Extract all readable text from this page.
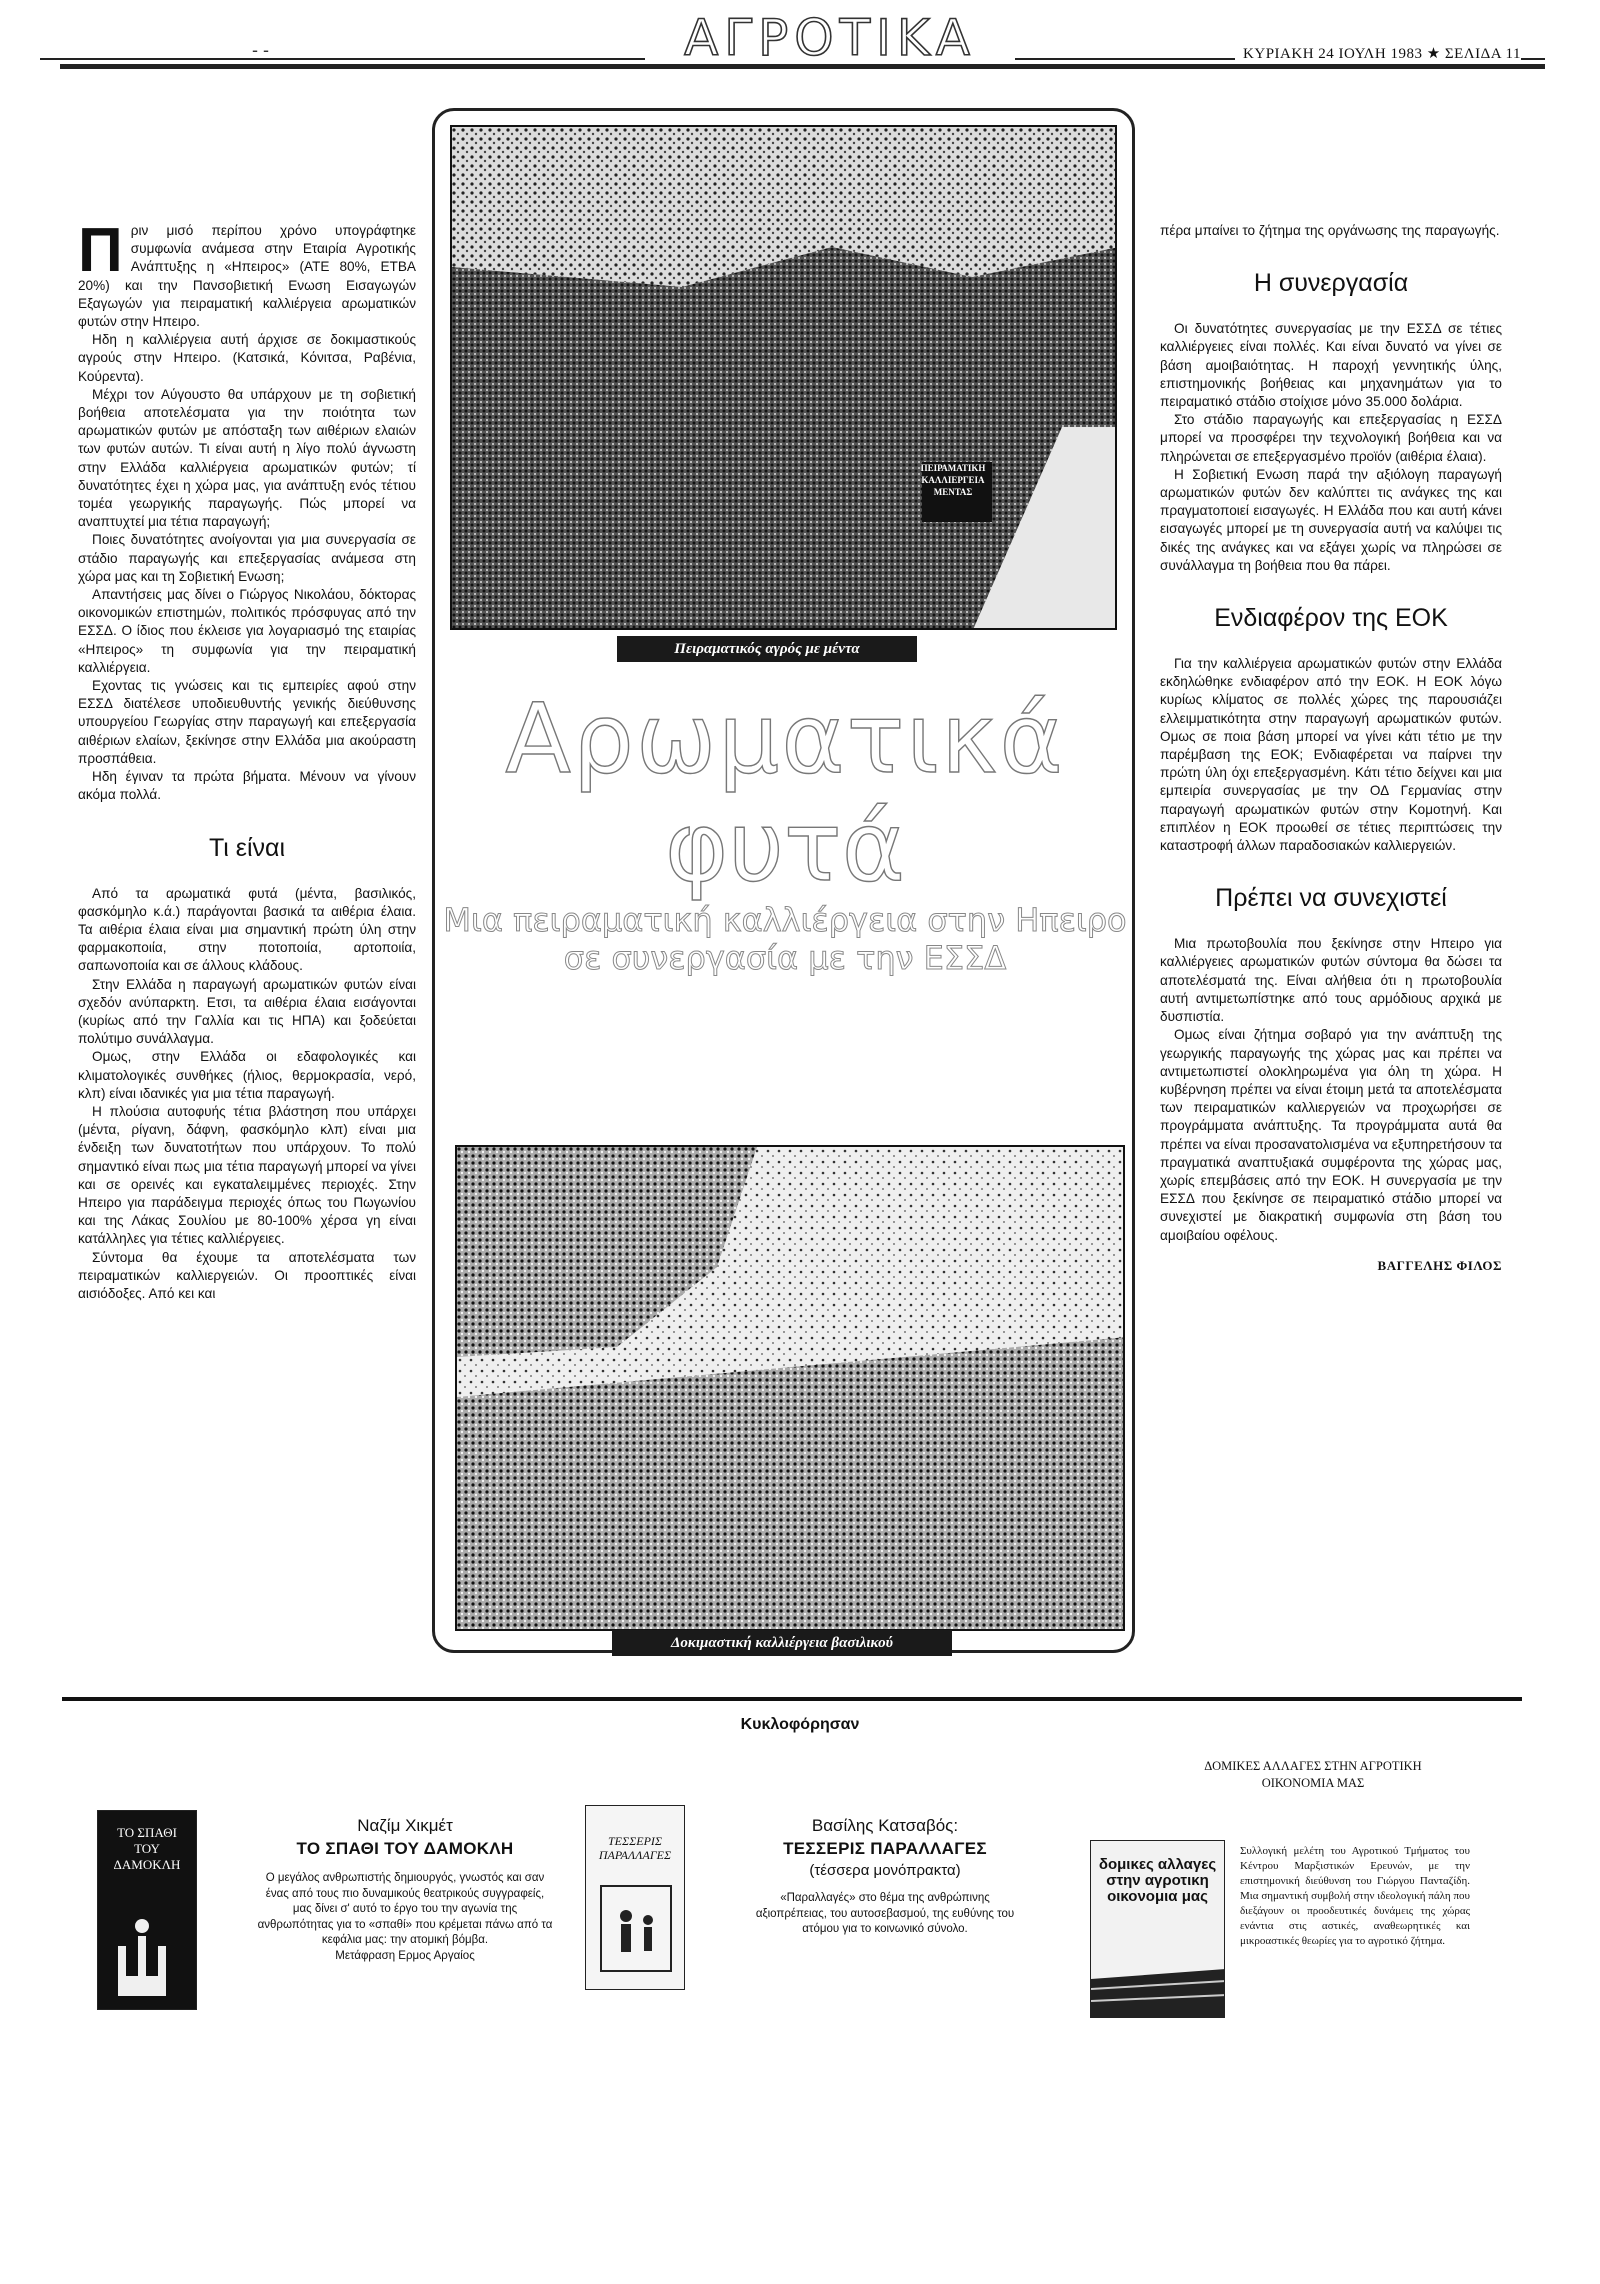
- -	ΑΓΡΟΤΙΚΑ	ΚΥΡΙΑΚΗ 24 ΙΟΥΛΗ 1983 ★ ΣΕΛΙΔΑ 11

Πριν μισό περίπου χρόνο υπογράφτηκε συμφωνία ανάμεσα στην Εταιρία Αγροτικής Ανάπτυξης η «Ηπειρος» (ΑΤΕ 80%, ΕΤΒΑ 20%) και την Πανσοβιετική Ενωση Εισαγωγών Εξαγωγών για πειραματική καλλιέργεια αρωματικών φυτών στην Ηπειρο.

Ηδη η καλλιέργεια αυτή άρχισε σε δοκιμαστικούς αγρούς στην Ηπειρο. (Κατσικά, Κόνιτσα, Ραβένια, Κούρεντα).

Μέχρι τον Αύγουστο θα υπάρχουν με τη σοβιετική βοήθεια αποτελέσματα για την ποιότητα των αρωματικών φυτών με απόσταξη των αιθέριων ελαιών των φυτών αυτών. Τι είναι αυτή η λίγο πολύ άγνωστη στην Ελλάδα καλλιέργεια αρωματικών φυτών; τί δυνατότητες έχει η χώρα μας, για ανάπτυξη ενός τέτιου τομέα γεωργικής παραγωγής. Πώς μπορεί να αναπτυχτεί μια τέτια παραγωγή;

Ποιες δυνατότητες ανοίγονται για μια συνεργασία σε στάδιο παραγωγής και επεξεργασίας ανάμεσα στη χώρα μας και τη Σοβιετική Ενωση;

Απαντήσεις μας δίνει ο Γιώργος Νικολάου, δόκτορας οικονομικών επιστημών, πολιτικός πρόσφυγας από την ΕΣΣΔ. Ο ίδιος που έκλεισε για λογαριασμό της εταιρίας «Ηπειρος» τη συμφωνία για την πειραματική καλλιέργεια.

Εχοντας τις γνώσεις και τις εμπειρίες αφού στην ΕΣΣΔ διατέλεσε υποδιευθυντής γενικής διεύθυνσης υπουργείου Γεωργίας στην παραγωγή και επεξεργασία αιθέριων ελαίων, ξεκίνησε στην Ελλάδα μια ακούραστη προσπάθεια.

Ηδη έγιναν τα πρώτα βήματα. Μένουν να γίνουν ακόμα πολλά.

Τι είναι

Από τα αρωματικά φυτά (μέντα, βασιλικός, φασκόμηλο κ.ά.) παράγονται βασικά τα αιθέρια έλαια. Τα αιθέρια έλαια είναι μια σημαντική πρώτη ύλη στην φαρμακοποιία, στην ποτοποιία, αρτοποιία, σαπωνοποιία και σε άλλους κλάδους.

Στην Ελλάδα η παραγωγή αρωματικών φυτών είναι σχεδόν ανύπαρκτη. Ετσι, τα αιθέρια έλαια εισάγονται (κυρίως από την Γαλλία και τις ΗΠΑ) και ξοδεύεται πολύτιμο συνάλλαγμα.

Ομως, στην Ελλάδα οι εδαφολογικές και κλιματολογικές συνθήκες (ήλιος, θερμοκρασία, νερό, κλπ) είναι ιδανικές για μια τέτια παραγωγή.

Η πλούσια αυτοφυής τέτια βλάστηση που υπάρχει (μέντα, ρίγανη, δάφνη, φασκόμηλο κλπ) είναι μια ένδειξη των δυνατοτήτων που υπάρχουν. Το πολύ σημαντικό είναι πως μια τέτια παραγωγή μπορεί να γίνει και σε ορεινές και εγκαταλειμμένες περιοχές. Στην Ηπειρο για παράδειγμα περιοχές όπως του Πωγωνίου και της Λάκας Σουλίου με 80-100% χέρσα γη είναι κατάλληλες για τέτιες καλλιέργειες.

Σύντομα θα έχουμε τα αποτελέσματα των πειραματικών καλλιεργειών. Οι προοπτικές είναι αισιόδοξες. Από κει και

ΠΕΙΡΑΜΑΤΙΚΗ ΚΑΛΛΙΕΡΓΕΙΑ ΜΕΝΤΑΣ
Πειραματικός αγρός με μέντα
Αρωματικά
φυτά
Μια πειραματική καλλιέργεια στην Ηπειρο σε συνεργασία με την ΕΣΣΔ
Δοκιμαστική καλλιέργεια βασιλικού

πέρα μπαίνει το ζήτημα της οργάνωσης της παραγωγής.

Η συνεργασία

Οι δυνατότητες συνεργασίας με την ΕΣΣΔ σε τέτιες καλλιέργειες είναι πολλές. Και είναι δυνατό να γίνει σε βάση αμοιβαιότητας. Η παροχή γεννητικής ύλης, επιστημονικής βοήθειας και μηχανημάτων για το πειραματικό στάδιο στοίχισε μόνο 35.000 δολάρια.

Στο στάδιο παραγωγής και επεξεργασίας η ΕΣΣΔ μπορεί να προσφέρει την τεχνολογική βοήθεια και να πληρώνεται σε επεξεργασμένο προϊόν (αιθέρια έλαια).

Η Σοβιετική Ενωση παρά την αξιόλογη παραγωγή αρωματικών φυτών δεν καλύπτει τις ανάγκες της και πραγματοποιεί εισαγωγές. Η Ελλάδα που και αυτή κάνει εισαγωγές μπορεί με τη συνεργασία αυτή να καλύψει τις δικές της ανάγκες και να εξάγει χωρίς να πληρώσει σε συνάλλαγμα τη βοήθεια που θα πάρει.

Ενδιαφέρον της ΕΟΚ

Για την καλλιέργεια αρωματικών φυτών στην Ελλάδα εκδηλώθηκε ενδιαφέρον από την ΕΟΚ. Η ΕΟΚ λόγω κυρίως κλίματος σε πολλές χώρες της παρουσιάζει ελλειμματικότητα στην παραγωγή αρωματικών φυτών. Ομως σε ποια βάση μπορεί να γίνει κάτι τέτιο με την παρέμβαση της ΕΟΚ; Ενδιαφέρεται να παίρνει την πρώτη ύλη όχι επεξεργασμένη. Κάτι τέτιο δείχνει και μια εμπειρία συνεργασίας με την ΟΔ Γερμανίας στην παραγωγή αρωματικών φυτών στην Κομοτηνή. Και επιπλέον η ΕΟΚ προωθεί σε τέτιες περιπτώσεις την καταστροφή άλλων παραδοσιακών καλλιεργειών.

Πρέπει να συνεχιστεί

Μια πρωτοβουλία που ξεκίνησε στην Ηπειρο για καλλιέργειες αρωματικών φυτών σύντομα θα δώσει τα αποτελέσματά της. Είναι αλήθεια ότι η πρωτοβουλία αυτή αντιμετωπίστηκε από τους αρμόδιους αρχικά με δυσπιστία.

Ομως είναι ζήτημα σοβαρό για την ανάπτυξη της γεωργικής παραγωγής της χώρας μας και πρέπει να αντιμετωπιστεί ολοκληρωμένα για όλη τη χώρα. Η κυβέρνηση πρέπει να είναι έτοιμη μετά τα αποτελέσματα των πειραματικών καλλιεργειών να προχωρήσει σε προγράμματα ανάπτυξης. Τα προγράμματα αυτά θα πρέπει να είναι προσανατολισμένα να εξυπηρετήσουν τα πραγματικά αναπτυξιακά συμφέροντα της χώρας μας, χωρίς επεμβάσεις από την ΕΟΚ. Η συνεργασία με την ΕΣΣΔ που ξεκίνησε σε πειραματικό στάδιο μπορεί να συνεχιστεί με διακρατική συμφωνία στη βάση του αμοιβαίου οφέλους.

ΒΑΓΓΕΛΗΣ ΦΙΛΟΣ
Κυκλοφόρησαν
ΤΟ ΣΠΑΘΙ ΤΟΥ ΔΑΜΟΚΛΗ
Ναζίμ Χικμέτ
ΤΟ ΣΠΑΘΙ ΤΟΥ ΔΑΜΟΚΛΗ
Ο μεγάλος ανθρωπιστής δημιουργός, γνωστός και σαν ένας από τους πιο δυναμικούς θεατρικούς συγγραφείς, μας δίνει σ' αυτό το έργο του την αγωνία της ανθρωπότητας για το «σπαθί» που κρέμεται πάνω από τα κεφάλια μας: την ατομική βόμβα.
Μετάφραση Ερμος Αργαίος
ΤΕΣΣΕΡΙΣ ΠΑΡΑΛΛΑΓΕΣ
Βασίλης Κατσαβός:
ΤΕΣΣΕΡΙΣ ΠΑΡΑΛΛΑΓΕΣ
(τέσσερα μονόπρακτα)
«Παραλλαγές» στο θέμα της ανθρώπινης αξιοπρέπειας, του αυτοσεβασμού, της ευθύνης του ατόμου για το κοινωνικό σύνολο.
ΔΟΜΙΚΕΣ ΑΛΛΑΓΕΣ ΣΤΗΝ ΑΓΡΟΤΙΚΗ ΟΙΚΟΝΟΜΙΑ ΜΑΣ
δομικες αλλαγες στην αγροτικη οικονομια μας
Συλλογική μελέτη του Αγροτικού Τμήματος του Κέντρου Μαρξιστικών Ερευνών, με την επιστημονική διεύθυνση του Γιώργου Πανταζίδη. Μια σημαντική συμβολή στην ιδεολογική πάλη που διεξάγουν οι προοδευτικές δυνάμεις της χώρας ενάντια στις αστικές, αναθεωρητικές και μικροαστικές θεωρίες για το αγροτικό ζήτημα.
